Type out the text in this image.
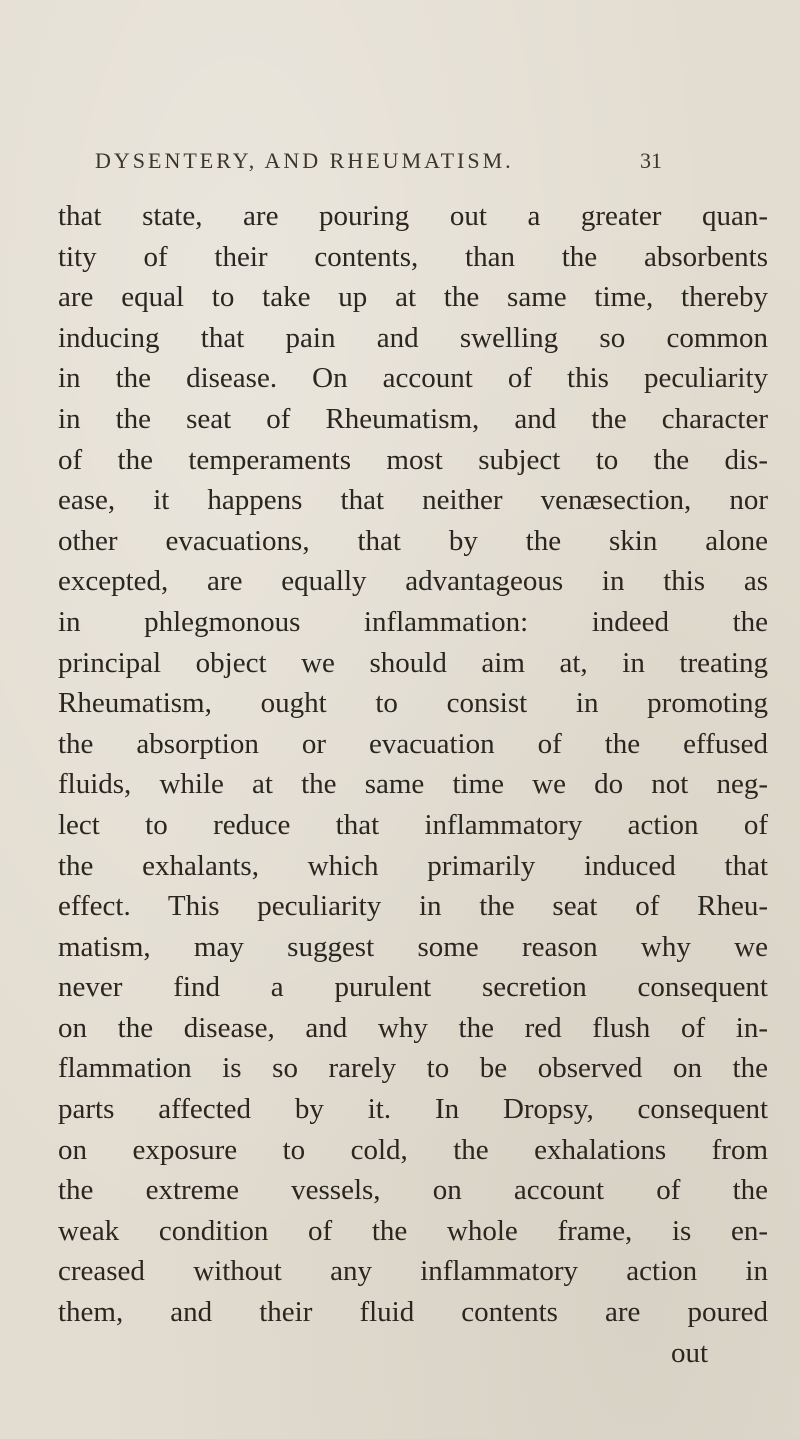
DYSENTERY, AND RHEUMATISM.	31
that state, are pouring out a greater quan-
tity of their contents, than the absorbents
are equal to take up at the same time, thereby
inducing that pain and swelling so common
in the disease. On account of this peculiarity
in the seat of Rheumatism, and the character
of the temperaments most subject to the dis-
ease, it happens that neither venæsection, nor
other evacuations, that by the skin alone
excepted, are equally advantageous in this as
in phlegmonous inflammation: indeed the
principal object we should aim at, in treating
Rheumatism, ought to consist in promoting
the absorption or evacuation of the effused
fluids, while at the same time we do not neg-
lect to reduce that inflammatory action of
the exhalants, which primarily induced that
effect. This peculiarity in the seat of Rheu-
matism, may suggest some reason why we
never find a purulent secretion consequent
on the disease, and why the red flush of in-
flammation is so rarely to be observed on the
parts affected by it. In Dropsy, consequent
on exposure to cold, the exhalations from
the extreme vessels, on account of the
weak condition of the whole frame, is en-
creased without any inflammatory action in
them, and their fluid contents are poured
out
